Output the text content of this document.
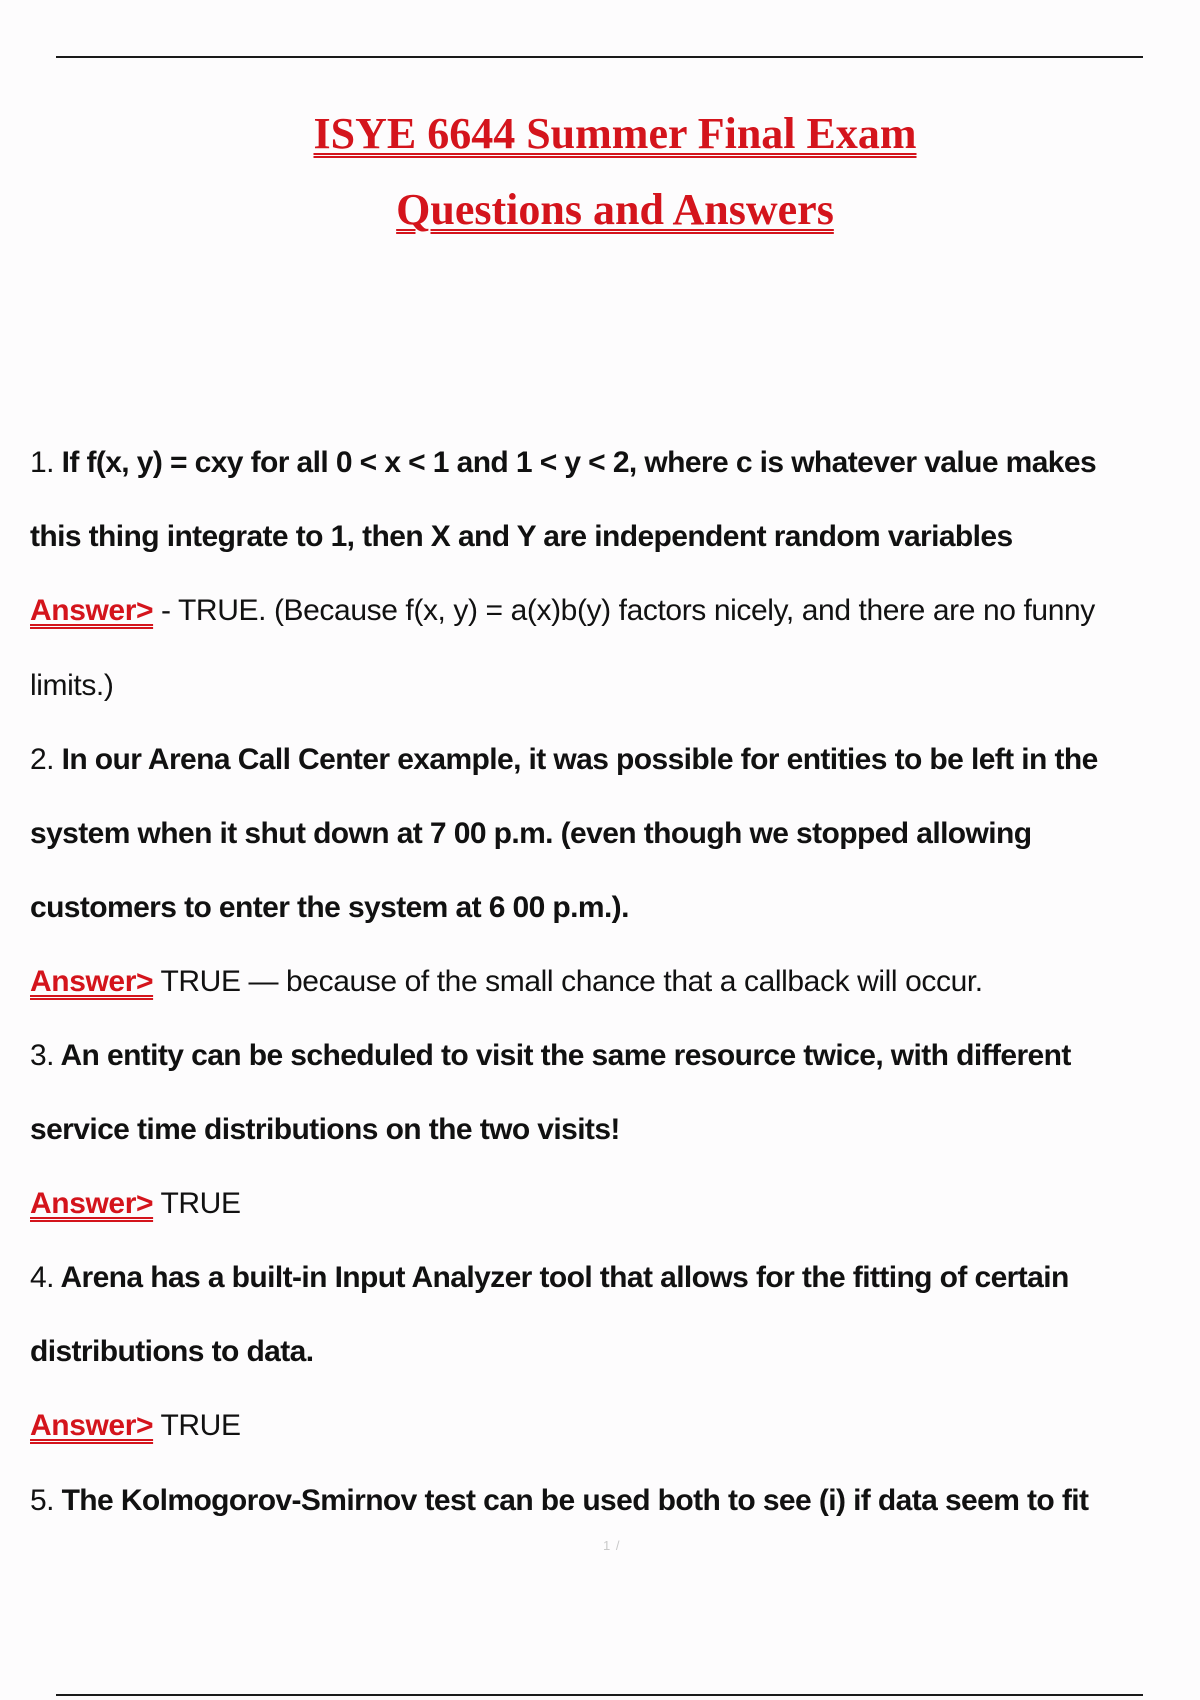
ISYE 6644 Summer Final Exam
Questions and Answers
1. If f(x, y) = cxy for all 0 < x < 1 and 1 < y < 2, where c is whatever value makes
this thing integrate to 1, then X and Y are independent random variables
Answer> - TRUE. (Because f(x, y) = a(x)b(y) factors nicely, and there are no funny
limits.)
2. In our Arena Call Center example, it was possible for entities to be left in the
system when it shut down at 7 00 p.m. (even though we stopped allowing
customers to enter the system at 6 00 p.m.).
Answer> TRUE — because of the small chance that a callback will occur.
3. An entity can be scheduled to visit the same resource twice, with different
service time distributions on the two visits!
Answer> TRUE
4. Arena has a built-in Input Analyzer tool that allows for the fitting of certain
distributions to data.
Answer> TRUE
5. The Kolmogorov-Smirnov test can be used both to see (i) if data seem to fit
1 /
